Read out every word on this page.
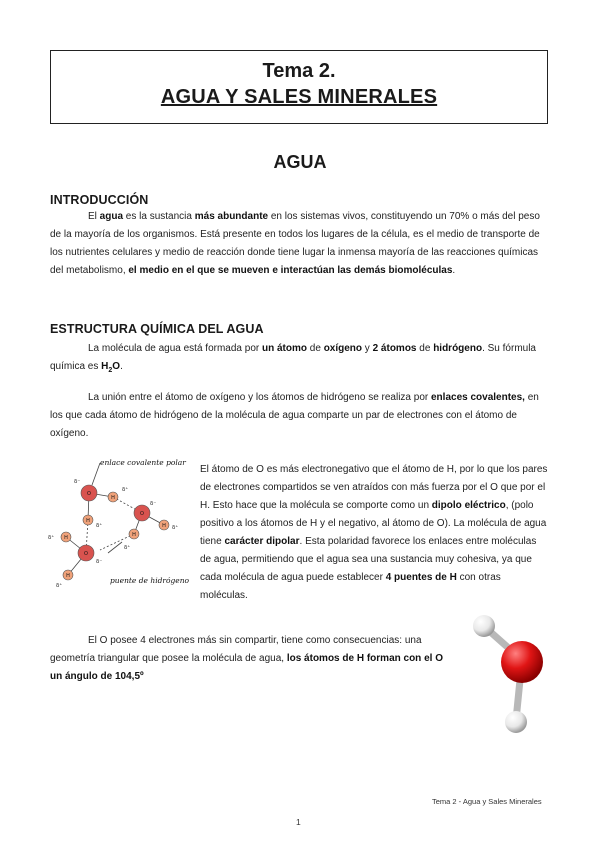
Tema 2.
AGUA Y SALES MINERALES
AGUA
INTRODUCCIÓN
El agua es la sustancia más abundante en los sistemas vivos, constituyendo un 70% o más del peso de la mayoría de los organismos. Está presente en todos los lugares de la célula, es el medio de transporte de los nutrientes celulares y medio de reacción donde tiene lugar la inmensa mayoría de las reacciones químicas del metabolismo, el medio en el que se mueven e interactúan las demás biomoléculas.
ESTRUCTURA QUÍMICA DEL AGUA
La molécula de agua está formada por un átomo de oxígeno y 2 átomos de hidrógeno. Su fórmula química es $H_2O$.
La unión entre el átomo de oxígeno y los átomos de hidrógeno se realiza por enlaces covalentes, en los que cada átomo de hidrógeno de la molécula de agua comparte un par de electrones con el átomo de oxígeno.
O
H
H
O
H
H
O
H
H
δ⁻
δ⁺
δ⁺
δ⁻
δ⁺
δ⁺
δ⁻
δ⁺
δ⁺
enlace covalente polar
puente de hidrógeno
El átomo de O es más electronegativo que el átomo de H, por lo que los pares de electrones compartidos se ven atraídos con más fuerza por el O que por el H. Esto hace que la molécula se comporte como un dipolo eléctrico, (polo positivo a los átomos de H y el negativo, al átomo de O). La molécula de agua tiene carácter dipolar. Esta polaridad favorece los enlaces entre moléculas de agua, permitiendo que el agua sea una sustancia muy cohesiva, ya que cada molécula de agua puede establecer 4 puentes de H con otras moléculas.
El O posee 4 electrones más sin compartir, tiene como consecuencias: una geometría triangular que posee la molécula de agua, los átomos de H forman con el O un ángulo de 104,5º
Tema 2 - Agua y Sales Minerales
1
